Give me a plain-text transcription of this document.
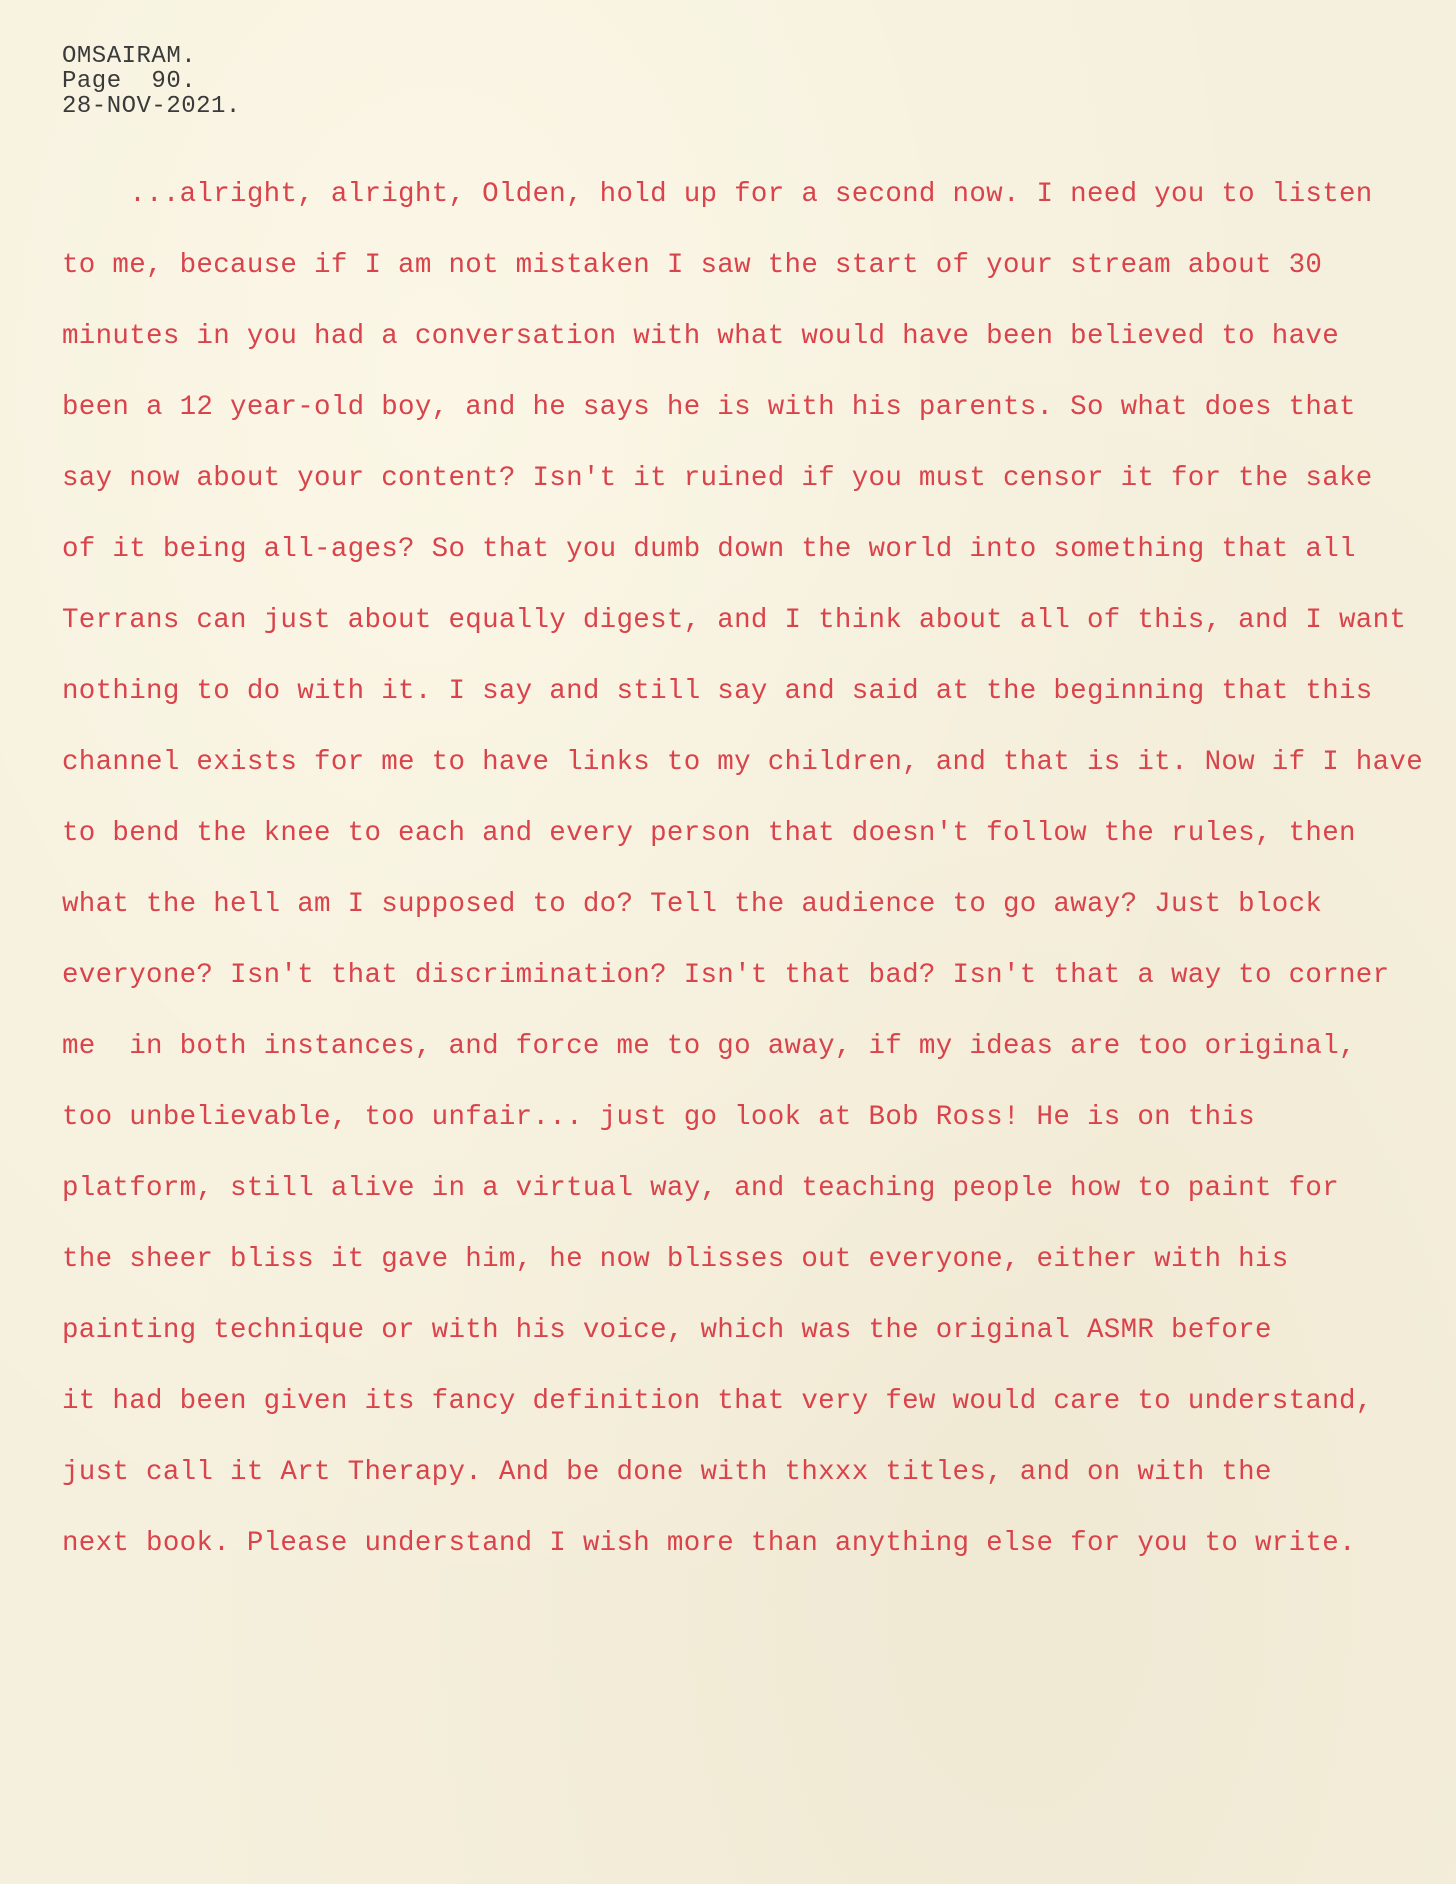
OMSAIRAM.
Page  90.
28-NOV-2021.
...alright, alright, Olden, hold up for a second now. I need you to listen
to me, because if I am not mistaken I saw the start of your stream about 30
minutes in you had a conversation with what would have been believed to have
been a 12 year-old boy, and he says he is with his parents. So what does that
say now about your content? Isn't it ruined if you must censor it for the sake
of it being all-ages? So that you dumb down the world into something that all
Terrans can just about equally digest, and I think about all of this, and I want
nothing to do with it. I say and still say and said at the beginning that this
channel exists for me to have links to my children, and that is it. Now if I have
to bend the knee to each and every person that doesn't follow the rules, then
what the hell am I supposed to do? Tell the audience to go away? Just block
everyone? Isn't that discrimination? Isn't that bad? Isn't that a way to corner
me  in both instances, and force me to go away, if my ideas are too original,
too unbelievable, too unfair... just go look at Bob Ross! He is on this
platform, still alive in a virtual way, and teaching people how to paint for
the sheer bliss it gave him, he now blisses out everyone, either with his
painting technique or with his voice, which was the original ASMR before
it had been given its fancy definition that very few would care to understand,
just call it Art Therapy. And be done with thxxx titles, and on with the
next book. Please understand I wish more than anything else for you to write.
